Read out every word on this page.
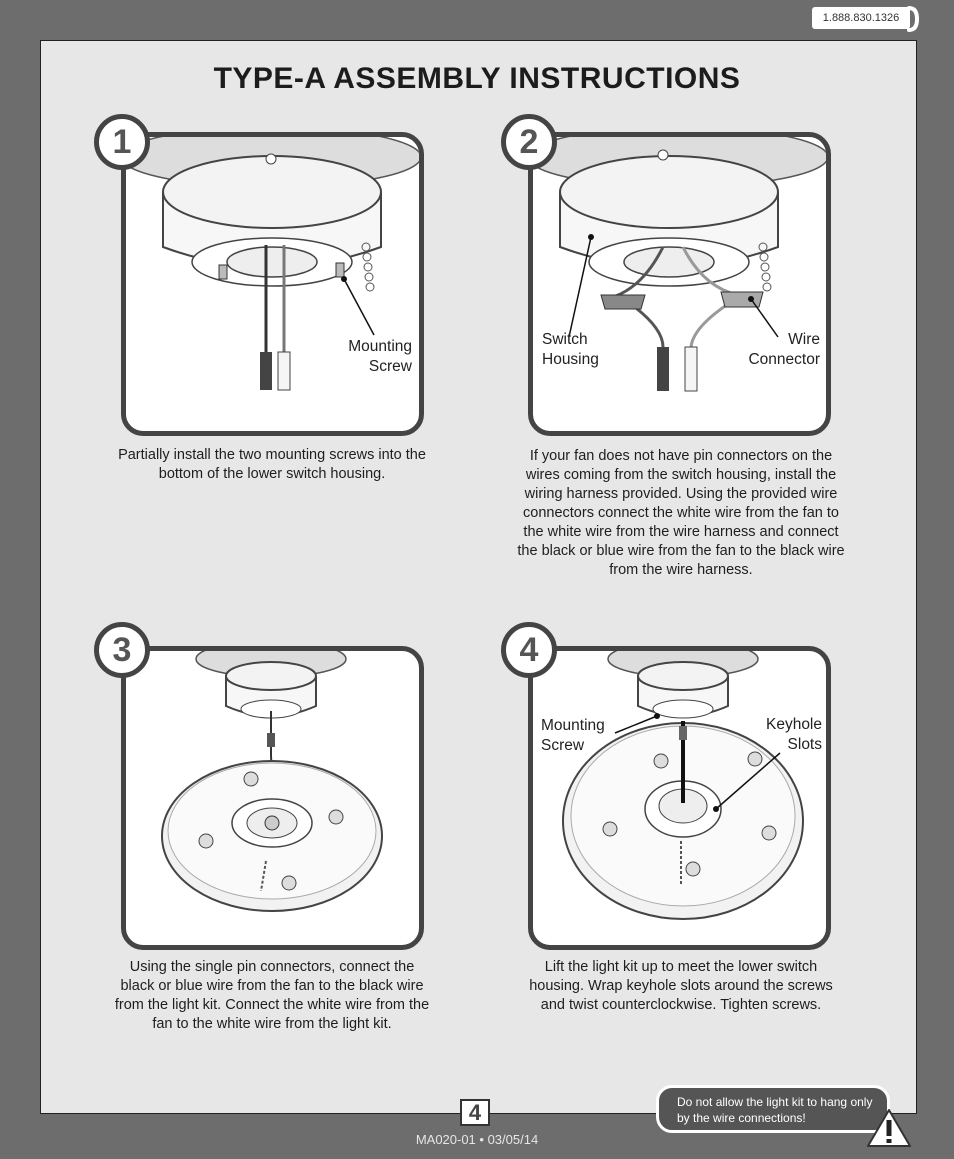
1.888.830.1326
TYPE-A ASSEMBLY INSTRUCTIONS
1
Mounting Screw
Partially install the two mounting screws into the bottom of the lower switch housing.
2
Switch Housing
Wire Connector
If your fan does not have pin connectors on the wires coming from the switch housing, install the wiring harness provided. Using the provided wire connectors connect the white wire from the fan to the white wire from the wire harness and connect the black or blue wire from the fan to the black wire from the wire harness.
3
Using the single pin connectors, connect the black or blue wire from the fan to the black wire from the light kit. Connect the white wire from the fan to the white wire from the light kit.
4
Mounting Screw
Keyhole Slots
Lift the light kit up to meet the lower switch housing. Wrap keyhole slots around the screws and twist counterclockwise. Tighten screws.
4
MA020-01 • 03/05/14
Do not allow the light kit to hang only by the wire connections!
